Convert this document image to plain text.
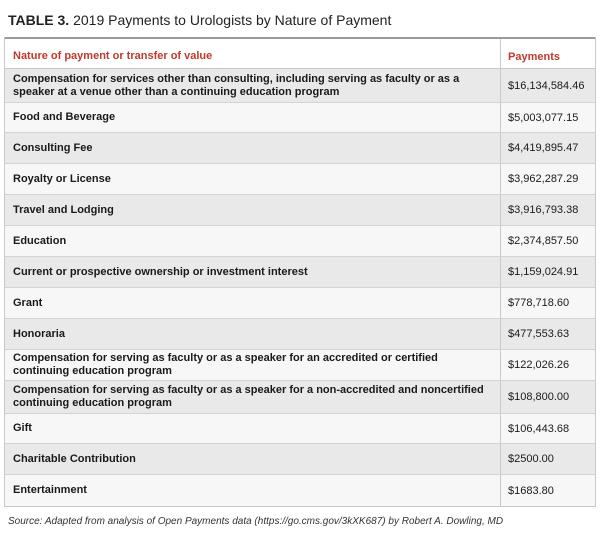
TABLE 3. 2019 Payments to Urologists by Nature of Payment
Nature of payment or transfer of value	Payments
Compensation for services other than consulting, including serving as faculty or as a speaker at a venue other than a continuing education program	$16,134,584.46
Food and Beverage	$5,003,077.15
Consulting Fee	$4,419,895.47
Royalty or License	$3,962,287.29
Travel and Lodging	$3,916,793.38
Education	$2,374,857.50
Current or prospective ownership or investment interest	$1,159,024.91
Grant	$778,718.60
Honoraria	$477,553.63
Compensation for serving as faculty or as a speaker for an accredited or certified continuing education program	$122,026.26
Compensation for serving as faculty or as a speaker for a non-accredited and noncertified continuing education program	$108,800.00
Gift	$106,443.68
Charitable Contribution	$2500.00
Entertainment	$1683.80
Source: Adapted from analysis of Open Payments data (https://go.cms.gov/3kXK687) by Robert A. Dowling, MD
